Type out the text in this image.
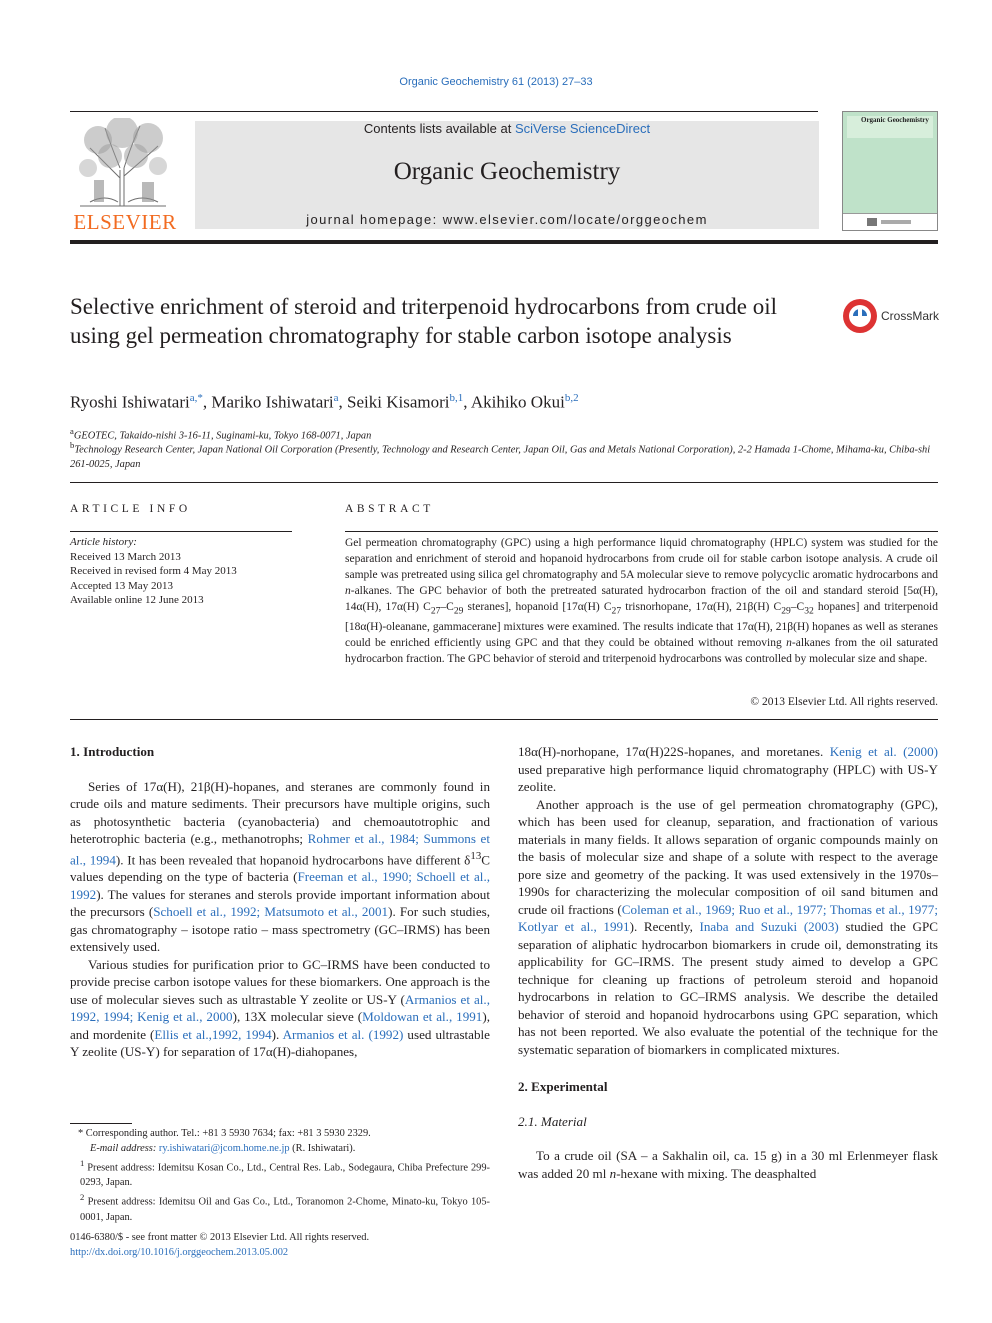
Organic Geochemistry 61 (2013) 27–33
ELSEVIER
Contents lists available at SciVerse ScienceDirect
Organic Geochemistry
journal homepage: www.elsevier.com/locate/orggeochem
Organic Geochemistry
Selective enrichment of steroid and triterpenoid hydrocarbons from crude oil using gel permeation chromatography for stable carbon isotope analysis
CrossMark
Ryoshi Ishiwatari$^{a,*}$, Mariko Ishiwatari$^a$, Seiki Kisamori$^{b,1}$, Akihiko Okui$^{b,2}$
$^a$GEOTEC, Takaido-nishi 3-16-11, Suginami-ku, Tokyo 168-0071, Japan
$^b$Technology Research Center, Japan National Oil Corporation (Presently, Technology and Research Center, Japan Oil, Gas and Metals National Corporation), 2-2 Hamada 1-Chome, Mihama-ku, Chiba-shi 261-0025, Japan
ARTICLE INFO
Article history:
Received 13 March 2013
Received in revised form 4 May 2013
Accepted 13 May 2013
Available online 12 June 2013
ABSTRACT
Gel permeation chromatography (GPC) using a high performance liquid chromatography (HPLC) system was studied for the separation and enrichment of steroid and hopanoid hydrocarbons from crude oil for stable carbon isotope analysis. A crude oil sample was pretreated using silica gel chromatography and 5A molecular sieve to remove polycyclic aromatic hydrocarbons and n-alkanes. The GPC behavior of both the pretreated saturated hydrocarbon fraction of the oil and standard steroid [5α(H), 14α(H), 17α(H) $C_{27}-C_{29}$ steranes], hopanoid [17α(H) $C_{27}$ trisnorhopane, 17α(H), 21β(H) $C_{29}-C_{32}$ hopanes] and triterpenoid [18α(H)-oleanane, gammacerane] mixtures were examined. The results indicate that 17α(H), 21β(H) hopanes as well as steranes could be enriched efficiently using GPC and that they could be obtained without removing n-alkanes from the oil saturated hydrocarbon fraction. The GPC behavior of steroid and triterpenoid hydrocarbons was controlled by molecular size and shape.
© 2013 Elsevier Ltd. All rights reserved.
1. Introduction

Series of 17α(H), 21β(H)-hopanes, and steranes are commonly found in crude oils and mature sediments. Their precursors have multiple origins, such as photosynthetic bacteria (cyanobacteria) and chemoautotrophic and heterotrophic bacteria (e.g., methanotrophs; Rohmer et al., 1984; Summons et al., 1994). It has been revealed that hopanoid hydrocarbons have different $\delta^{13}C$ values depending on the type of bacteria (Freeman et al., 1990; Schoell et al., 1992). The values for steranes and sterols provide important information about the precursors (Schoell et al., 1992; Matsumoto et al., 2001). For such studies, gas chromatography – isotope ratio – mass spectrometry (GC–IRMS) has been extensively used.

Various studies for purification prior to GC–IRMS have been conducted to provide precise carbon isotope values for these biomarkers. One approach is the use of molecular sieves such as ultrastable Y zeolite or US-Y (Armanios et al., 1992, 1994; Kenig et al., 2000), 13X molecular sieve (Moldowan et al., 1991), and mordenite (Ellis et al.,1992, 1994). Armanios et al. (1992) used ultrastable Y zeolite (US-Y) for separation of 17α(H)-diahopanes,

* Corresponding author. Tel.: +81 3 5930 7634; fax: +81 3 5930 2329.
E-mail address: ry.ishiwatari@jcom.home.ne.jp (R. Ishiwatari).
$^1$ Present address: Idemitsu Kosan Co., Ltd., Central Res. Lab., Sodegaura, Chiba Prefecture 299-0293, Japan.
$^2$ Present address: Idemitsu Oil and Gas Co., Ltd., Toranomon 2-Chome, Minato-ku, Tokyo 105-0001, Japan.
0146-6380/$ - see front matter © 2013 Elsevier Ltd. All rights reserved.
http://dx.doi.org/10.1016/j.orggeochem.2013.05.002

18α(H)-norhopane, 17α(H)22S-hopanes, and moretanes. Kenig et al. (2000) used preparative high performance liquid chromatography (HPLC) with US-Y zeolite.

Another approach is the use of gel permeation chromatography (GPC), which has been used for cleanup, separation, and fractionation of various materials in many fields. It allows separation of organic compounds mainly on the basis of molecular size and shape of a solute with respect to the average pore size and geometry of the packing. It was used extensively in the 1970s–1990s for characterizing the molecular composition of oil sand bitumen and crude oil fractions (Coleman et al., 1969; Ruo et al., 1977; Thomas et al., 1977; Kotlyar et al., 1991). Recently, Inaba and Suzuki (2003) studied the GPC separation of aliphatic hydrocarbon biomarkers in crude oil, demonstrating its applicability for GC–IRMS. The present study aimed to develop a GPC technique for cleaning up fractions of petroleum steroid and hopanoid hydrocarbons in relation to GC–IRMS analysis. We describe the detailed behavior of steroid and hopanoid hydrocarbons using GPC separation, which has not been reported. We also evaluate the potential of the technique for the systematic separation of biomarkers in complicated mixtures.

2. Experimental
2.1. Material

To a crude oil (SA – a Sakhalin oil, ca. 15 g) in a 30 ml Erlenmeyer flask was added 20 ml n-hexane with mixing. The deasphalted
